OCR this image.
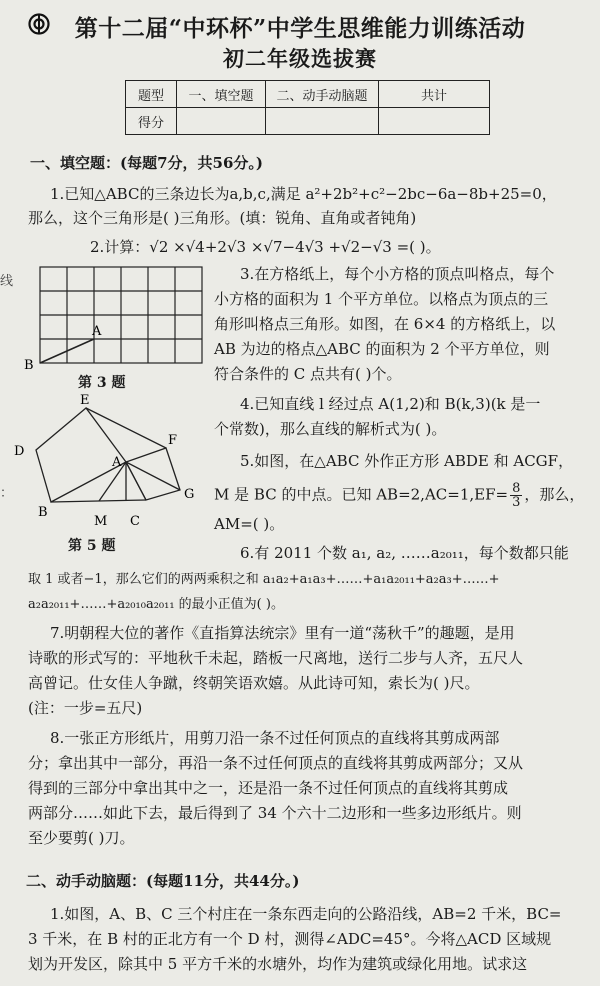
第十二届“中环杯”中学生思维能力训练活动
初二年级选拔赛
题型	一、填空题	二、动手动脑题	共计
得分			
一、填空题：(每题7分，共56分。)
1.已知△ABC的三条边长为a,b,c,满足 a²+2b²+c²−2bc−6a−8b+25=0，
那么，这个三角形是( )三角形。(填：锐角、直角或者钝角)
2.计算：√2 ×√4+2√3 ×√7−4√3 +√2−√3 =( )。
A
B
第 3 题
3.在方格纸上，每个小方格的顶点叫格点，每个
小方格的面积为 1 个平方单位。以格点为顶点的三
角形叫格点三角形。如图，在 6×4 的方格纸上，以
AB 为边的格点△ABC 的面积为 2 个平方单位，则
符合条件的 C 点共有( )个。
4.已知直线 l 经过点 A(1,2)和 B(k,3)(k 是一
个常数)，那么直线的解析式为( )。
E
D
F
A
G
B
M C
第 5 题
5.如图，在△ABC 外作正方形 ABDE 和 ACGF，
M 是 BC 的中点。已知 $AB=2,AC=1,EF= \frac{8}{3}$ ，那么，
AM=( )。
6.有 2011 个数 a₁, a₂, ……a₂₀₁₁，每个数都只能
取 1 或者−1，那么它们的两两乘积之和 a₁a₂+a₁a₃+……+a₁a₂₀₁₁+a₂a₃+……+
a₂a₂₀₁₁+……+a₂₀₁₀a₂₀₁₁ 的最小正值为( )。
7.明朝程大位的著作《直指算法统宗》里有一道“荡秋千”的趣题，是用
诗歌的形式写的：平地秋千未起，踏板一尺离地，送行二步与人齐，五尺人
高曾记。仕女佳人争蹴，终朝笑语欢嬉。从此诗可知，索长为( )尺。
(注：一步=五尺)
8.一张正方形纸片，用剪刀沿一条不过任何顶点的直线将其剪成两部
分；拿出其中一部分，再沿一条不过任何顶点的直线将其剪成两部分；又从
得到的三部分中拿出其中之一，还是沿一条不过任何顶点的直线将其剪成
两部分……如此下去，最后得到了 34 个六十二边形和一些多边形纸片。则
至少要剪( )刀。
二、动手动脑题：(每题11分，共44分。)
1.如图，A、B、C 三个村庄在一条东西走向的公路沿线，AB=2 千米，BC=
3 千米，在 B 村的正北方有一个 D 村，测得∠ADC=45°。今将△ACD 区域规
划为开发区，除其中 5 平方千米的水塘外，均作为建筑或绿化用地。试求这
线
：
